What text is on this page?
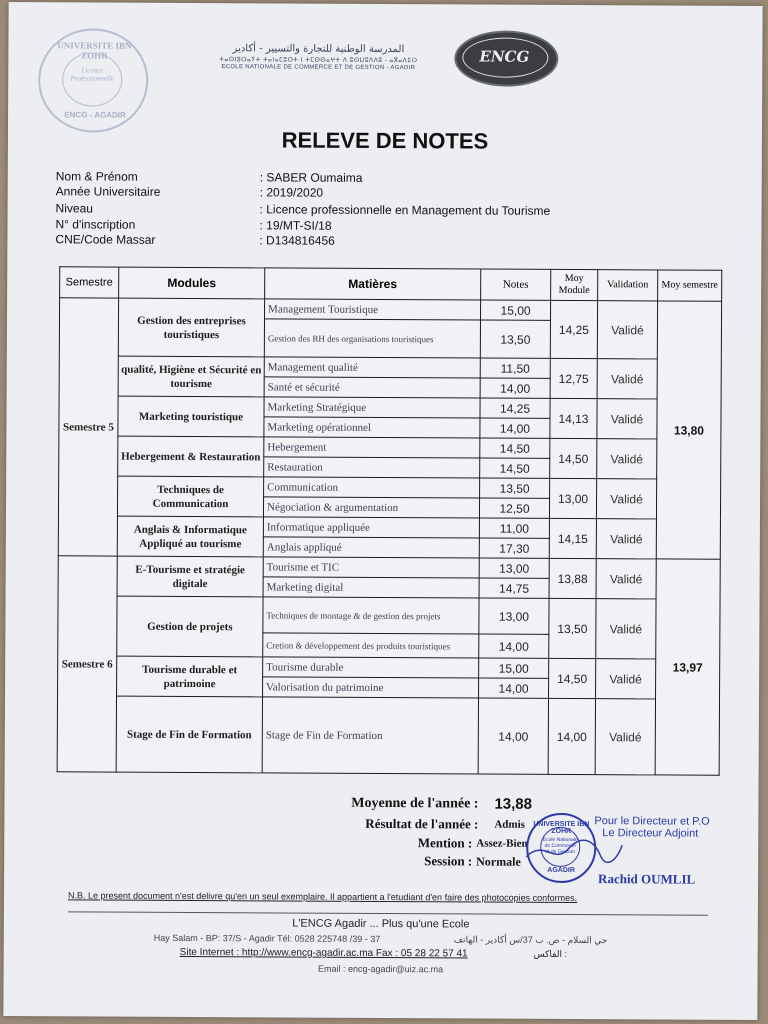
UNIVERSITE IBN ZOHR
Licence Professionnelle
ENCG - AGADIR
المدرسة الوطنية للتجارة والتسيير - أكادير
ⵜⴰⵙⵏⵓⵔⴰⵢⵜ ⵜⴰⵏⴰⵎⵓⵔⵜ ⵏ ⵜⵎⵙⵙⴰⵖⵜ ⴷ ⵓⵙⵡⵓⴷⴷⵓ - ⴰⴳⴰⴷⵉⵔ
ECOLE NATIONALE DE COMMERCE ET DE GESTION - AGADIR
ENCG
RELEVE DE NOTES
Nom & Prénom	: SABER Oumaima
Année Universitaire	: 2019/2020
Niveau	: Licence professionnelle en Management du Tourisme
N° d'inscription	: 19/MT-SI/18
CNE/Code Massar	: D134816456
Semestre	Modules	Matières	Notes	Moy Module	Validation	Moy semestre
Semestre 5	Gestion des entreprises touristiques	Management Touristique	15,00	14,25	Validé	13,80
		Gestion des RH des organisations touristiques	13,50			
	qualité, Higiène et Sécurité en tourisme	Management qualité	11,50	12,75	Validé	
		Santé et sécurité	14,00			
	Marketing touristique	Marketing Stratégique	14,25	14,13	Validé	
		Marketing opérationnel	14,00			
	Hebergement & Restauration	Hebergement	14,50	14,50	Validé	
		Restauration	14,50			
	Techniques de Communication	Communication	13,50	13,00	Validé	
		Négociation & argumentation	12,50			
	Anglais & Informatique Appliqué au tourisme	Informatique appliquée	11,00	14,15	Validé	
		Anglais appliqué	17,30			
Semestre 6	E-Tourisme et stratégie digitale	Tourisme et TIC	13,00	13,88	Validé	13,97
		Marketing digital	14,75			
	Gestion de projets	Techniques de montage & de gestion des projets	13,00	13,50	Validé	
		Cretion & développement des produits touristiques	14,00			
	Tourisme durable et patrimoine	Tourisme durable	15,00	14,50	Validé	
		Valorisation du patrimoine	14,00			
	Stage de Fin de Formation	Stage de Fin de Formation	14,00	14,00	Validé	
Moyenne de l'année : 13,88
Résultat de l'année : Admis
Mention : Assez-Bien
Session : Normale
UNIVERSITE IBN ZOHR
Ecole Nationale de Commerce et de Gestion
AGADIR
Pour le Directeur et P.O
Le Directeur Adjoint
Rachid OUMLIL
N.B. Le present document n'est delivre qu'en un seul exemplaire. Il appartient a l'etudiant d'en faire des photocopies conformes.
L'ENCG Agadir ... Plus qu'une Ecole
Hay Salam - BP: 37/S - Agadir Tél: 0528 225748 /39 - 37	حي السلام - ص. ب 37/س أكادير - الهاتف
Site Internet : http://www.encg-agadir.ac.ma Fax : 05 28 22 57 41	الفاكس :
Email : encg-agadir@uiz.ac.ma
